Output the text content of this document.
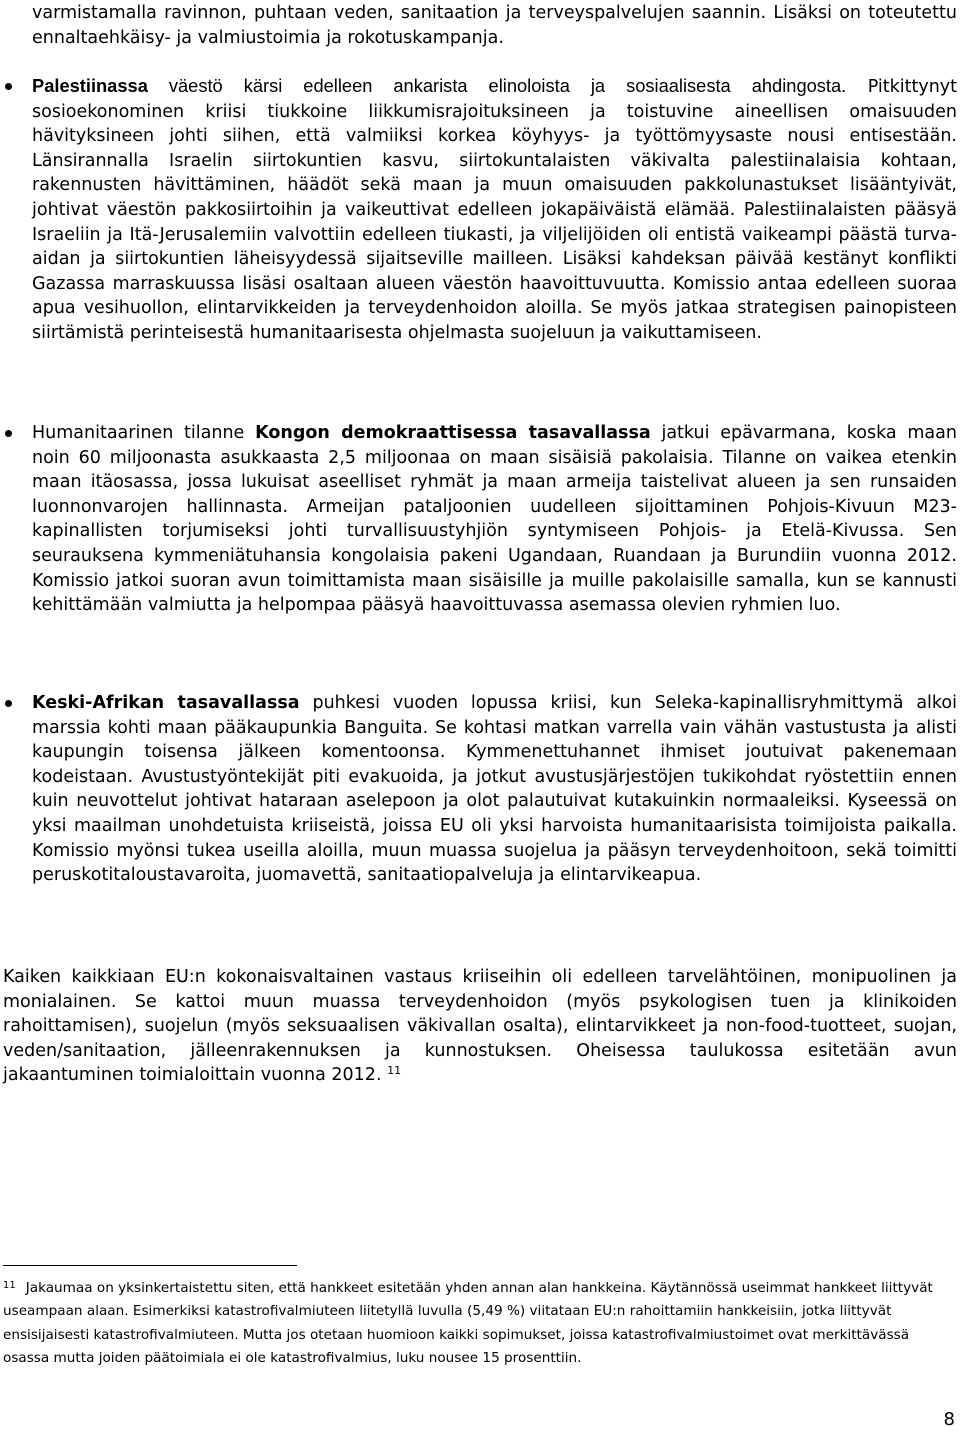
varmistamalla ravinnon, puhtaan veden, sanitaation ja terveyspalvelujen saannin. Lisäksi on toteutettu ennaltaehkäisy- ja valmiustoimia ja rokotuskampanja.
Palestiinassa väestö kärsi edelleen ankarista elinoloista ja sosiaalisesta ahdingosta. Pitkittynyt sosioekonominen kriisi tiukkoine liikkumisrajoituksineen ja toistuvine aineellisen omaisuuden hävityksineen johti siihen, että valmiiksi korkea köyhyys- ja työttömyysaste nousi entisestään. Länsirannalla Israelin siirtokuntien kasvu, siirtokuntalaisten väkivalta palestiinalaisia kohtaan, rakennusten hävittäminen, häädöt sekä maan ja muun omaisuuden pakkolunastukset lisääntyivät, johtivat väestön pakkosiirtoihin ja vaikeuttivat edelleen jokapäiväistä elämää. Palestiinalaisten pääsyä Israeliin ja Itä-Jerusalemiin valvottiin edelleen tiukasti, ja viljelijöiden oli entistä vaikeampi päästä turva-aidan ja siirtokuntien läheisyydessä sijaitseville mailleen. Lisäksi kahdeksan päivää kestänyt konflikti Gazassa marraskuussa lisäsi osaltaan alueen väestön haavoittuvuutta. Komissio antaa edelleen suoraa apua vesihuollon, elintarvikkeiden ja terveydenhoidon aloilla. Se myös jatkaa strategisen painopisteen siirtämistä perinteisestä humanitaarisesta ohjelmasta suojeluun ja vaikuttamiseen.
Humanitaarinen tilanne Kongon demokraattisessa tasavallassa jatkui epävarmana, koska maan noin 60 miljoonasta asukkaasta 2,5 miljoonaa on maan sisäisiä pakolaisia. Tilanne on vaikea etenkin maan itäosassa, jossa lukuisat aseelliset ryhmät ja maan armeija taistelivat alueen ja sen runsaiden luonnonvarojen hallinnasta. Armeijan pataljoonien uudelleen sijoittaminen Pohjois-Kivuun M23-kapinallisten torjumiseksi johti turvallisuustyhjiön syntymiseen Pohjois- ja Etelä-Kivussa. Sen seurauksena kymmeniätuhansia kongolaisia pakeni Ugandaan, Ruandaan ja Burundiin vuonna 2012. Komissio jatkoi suoran avun toimittamista maan sisäisille ja muille pakolaisille samalla, kun se kannusti kehittämään valmiutta ja helpompaa pääsyä haavoittuvassa asemassa olevien ryhmien luo.
Keski-Afrikan tasavallassa puhkesi vuoden lopussa kriisi, kun Seleka-kapinallisryhmittymä alkoi marssia kohti maan pääkaupunkia Banguita. Se kohtasi matkan varrella vain vähän vastustusta ja alisti kaupungin toisensa jälkeen komentoonsa. Kymmenettuhannet ihmiset joutuivat pakenemaan kodeistaan. Avustustyöntekijät piti evakuoida, ja jotkut avustusjärjestöjen tukikohdat ryöstettiin ennen kuin neuvottelut johtivat hataraan aselepoon ja olot palautuivat kutakuinkin normaaleiksi. Kyseessä on yksi maailman unohdetuista kriiseistä, joissa EU oli yksi harvoista humanitaarisista toimijoista paikalla. Komissio myönsi tukea useilla aloilla, muun muassa suojelua ja pääsyn terveydenhoitoon, sekä toimitti peruskotitaloustavaroita, juomavettä, sanitaatiopalveluja ja elintarvikeapua.
Kaiken kaikkiaan EU:n kokonaisvaltainen vastaus kriiseihin oli edelleen tarvelähtöinen, monipuolinen ja monialainen. Se kattoi muun muassa terveydenhoidon (myös psykologisen tuen ja klinikoiden rahoittamisen), suojelun (myös seksuaalisen väkivallan osalta), elintarvikkeet ja non-food-tuotteet, suojan, veden/sanitaation, jälleenrakennuksen ja kunnostuksen. Oheisessa taulukossa esitetään avun jakaantuminen toimialoittain vuonna 2012. $^{11}$
$^{11}$ Jakaumaa on yksinkertaistettu siten, että hankkeet esitetään yhden annan alan hankkeina. Käytännössä useimmat hankkeet liittyvät useampaan alaan. Esimerkiksi katastrofivalmiuteen liitetyllä luvulla (5,49 %) viitataan EU:n rahoittamiin hankkeisiin, jotka liittyvät ensisijaisesti katastrofivalmiuteen. Mutta jos otetaan huomioon kaikki sopimukset, joissa katastrofivalmiustoimet ovat merkittävässä osassa mutta joiden päätoimiala ei ole katastrofivalmius, luku nousee 15 prosenttiin.
8
